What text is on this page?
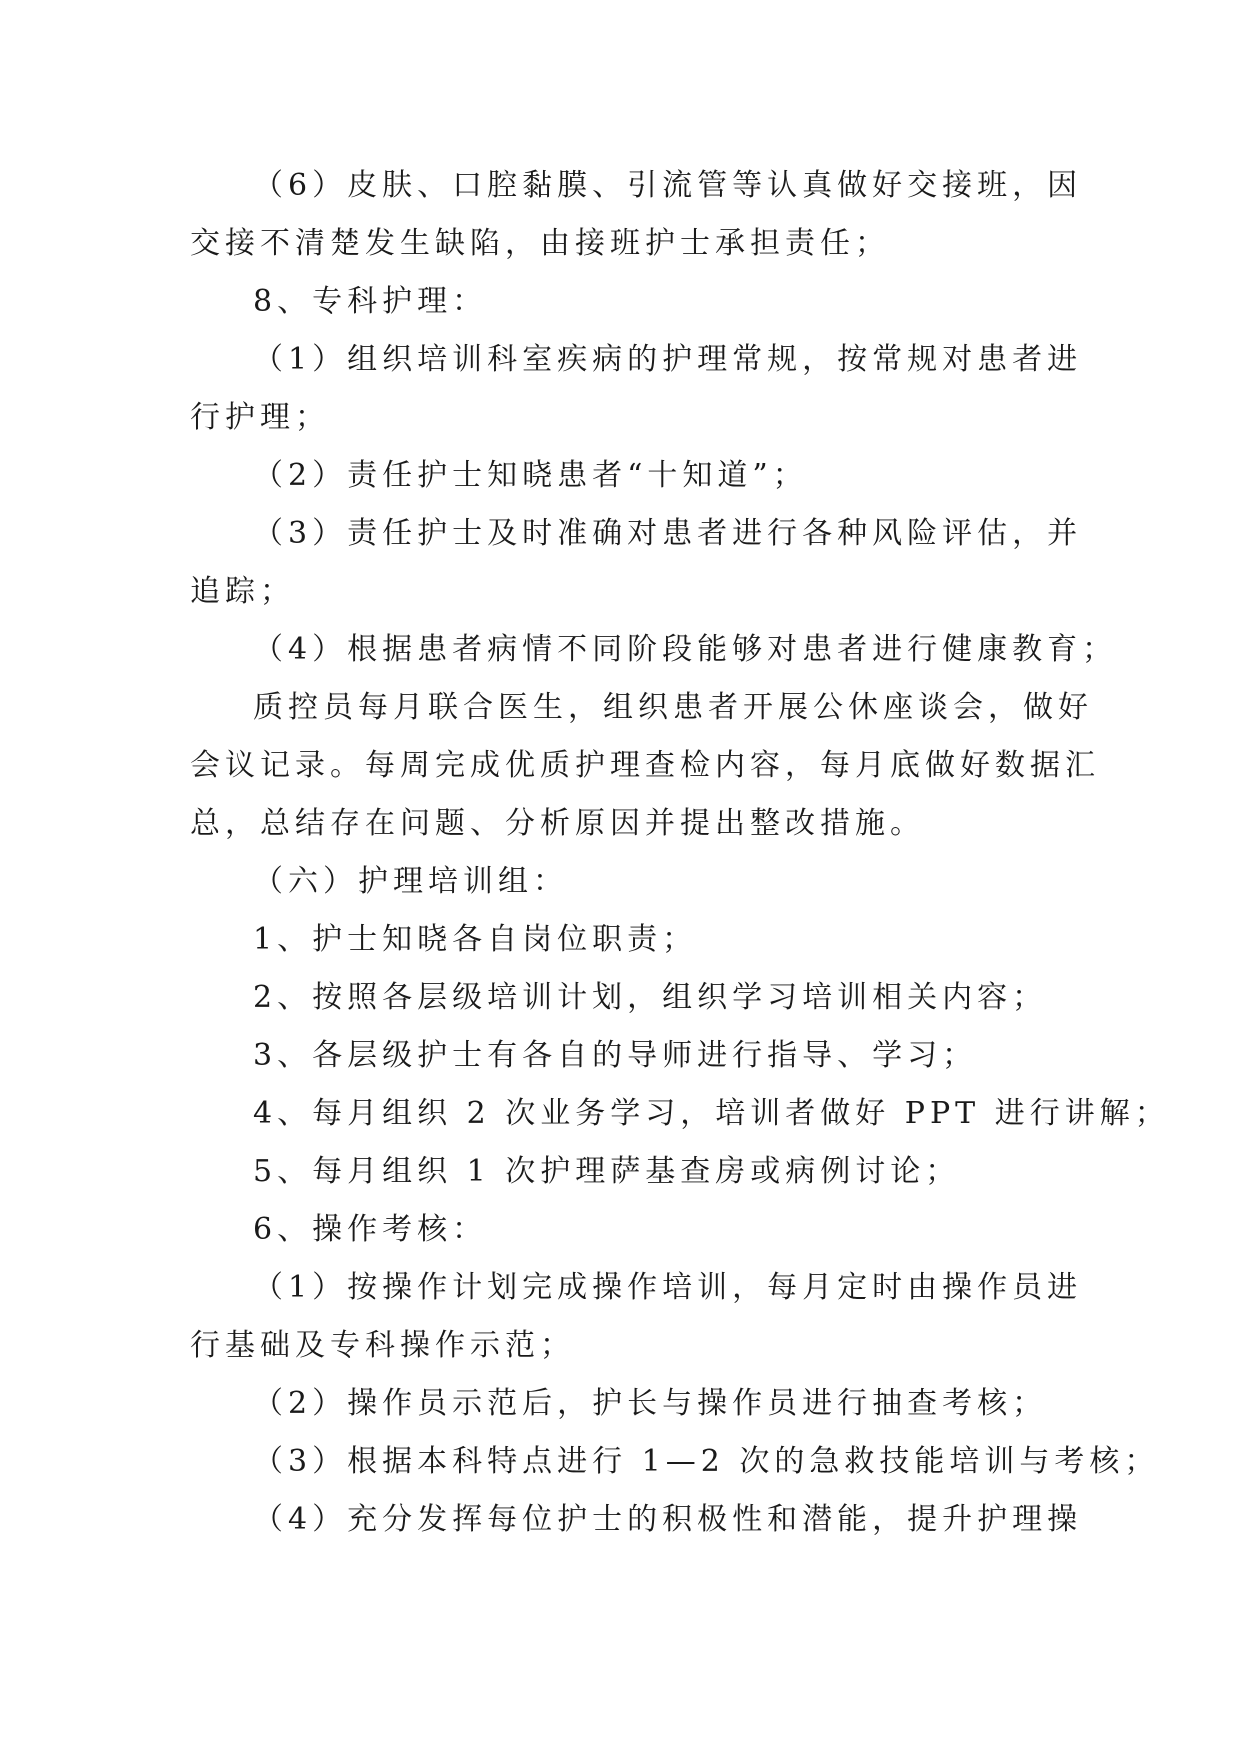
（6）皮肤、口腔黏膜、引流管等认真做好交接班，因
交接不清楚发生缺陷，由接班护士承担责任；
8、专科护理：
（1）组织培训科室疾病的护理常规，按常规对患者进
行护理；
（2）责任护士知晓患者“十知道”；
（3）责任护士及时准确对患者进行各种风险评估，并
追踪；
（4）根据患者病情不同阶段能够对患者进行健康教育；
质控员每月联合医生，组织患者开展公休座谈会，做好
会议记录。每周完成优质护理查检内容，每月底做好数据汇
总，总结存在问题、分析原因并提出整改措施。
（六）护理培训组：
1、护士知晓各自岗位职责；
2、按照各层级培训计划，组织学习培训相关内容；
3、各层级护士有各自的导师进行指导、学习；
4、每月组织 2 次业务学习，培训者做好 PPT 进行讲解；
5、每月组织 1 次护理萨基查房或病例讨论；
6、操作考核：
（1）按操作计划完成操作培训，每月定时由操作员进
行基础及专科操作示范；
（2）操作员示范后，护长与操作员进行抽查考核；
（3）根据本科特点进行 1—2 次的急救技能培训与考核；
（4）充分发挥每位护士的积极性和潜能，提升护理操
